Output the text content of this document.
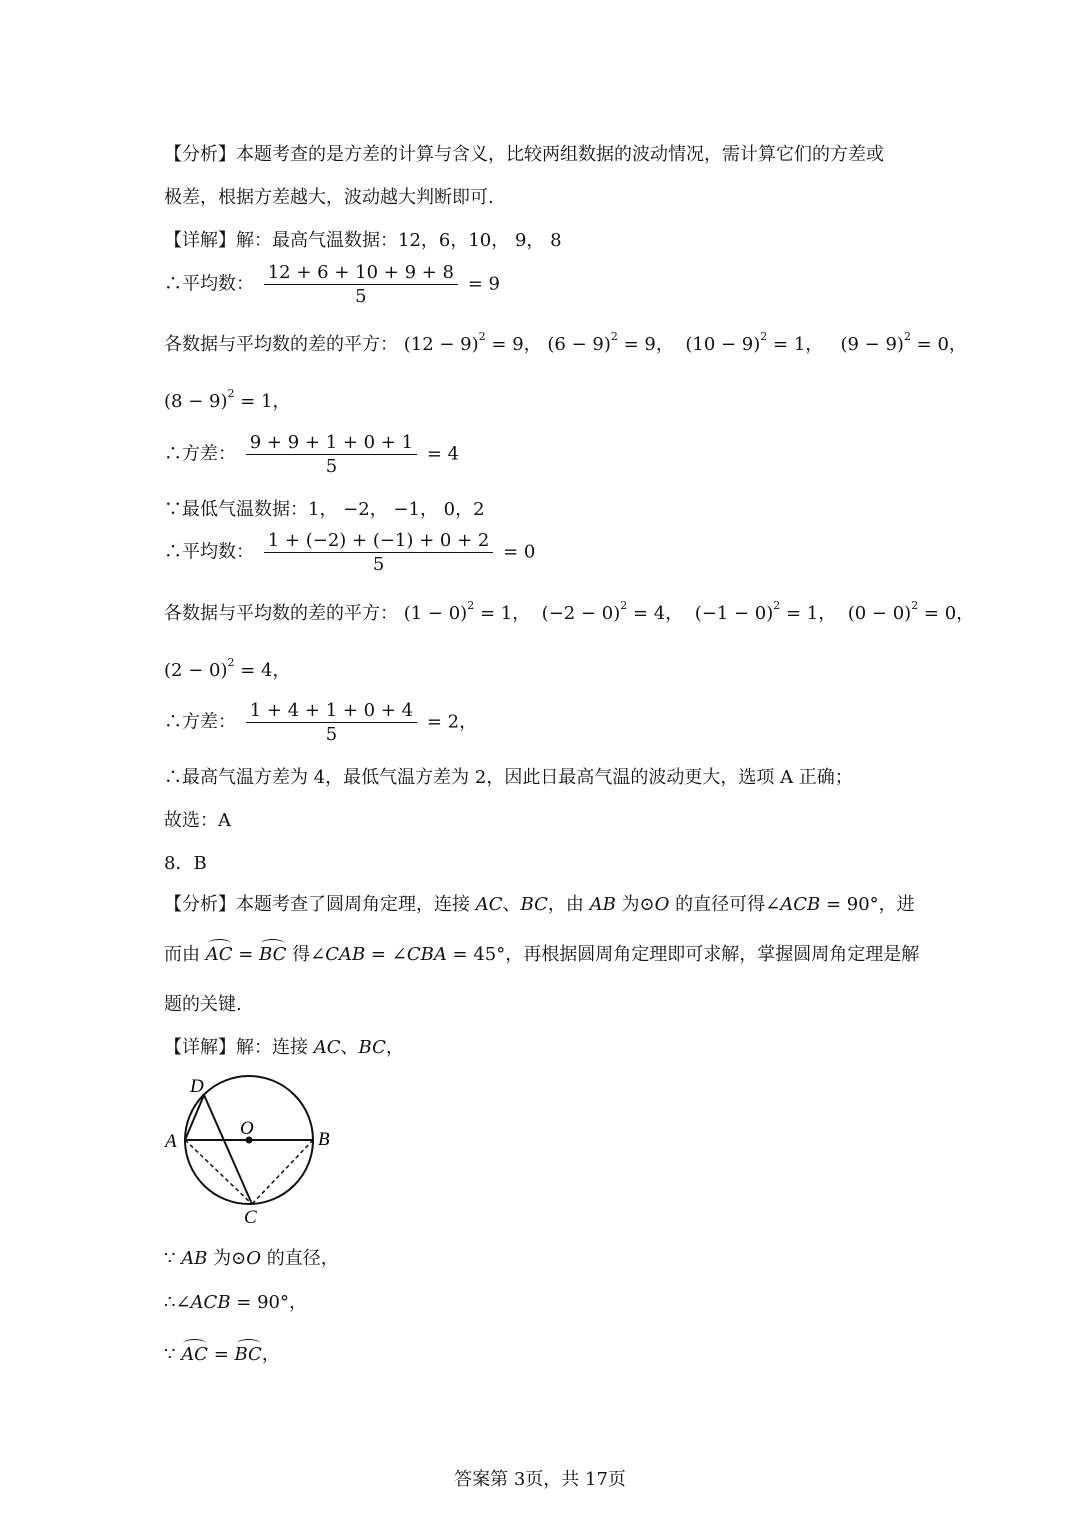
【分析】本题考查的是方差的计算与含义，比较两组数据的波动情况，需计算它们的方差或
极差，根据方差越大，波动越大判断即可.
【详解】解：最高气温数据：12，6，10， 9， 8
∴平均数： $\frac{12 + 6 + 10 + 9 + 8}{5} = 9$
各数据与平均数的差的平方： $(12 - 9)^2 = 9$， $(6 - 9)^2 = 9$， $(10 - 9)^2 = 1$， $(9 - 9)^2 = 0$，
$(8 - 9)^2 = 1$，
∴方差： $\frac{9 + 9 + 1 + 0 + 1}{5} = 4$
∵最低气温数据：1， −2， −1， 0，2
∴平均数： $\frac{1 + (-2) + (-1) + 0 + 2}{5} = 0$
各数据与平均数的差的平方： $(1 - 0)^2 = 1$， $(-2 - 0)^2 = 4$， $(-1 - 0)^2 = 1$， $(0 - 0)^2 = 0$，
$(2 - 0)^2 = 4$，
∴方差： $\frac{1 + 4 + 1 + 0 + 4}{5} = 2$，
∴最高气温方差为 4，最低气温方差为 2，因此日最高气温的波动更大，选项 A 正确；
故选：A
8．B
【分析】本题考查了圆周角定理，连接 AC、BC，由 AB 为⊙O 的直径可得∠ACB = 90°，进
而由 AC = BC 得∠CAB = ∠CBA = 45°，再根据圆周角定理即可求解，掌握圆周角定理是解
题的关键.
【详解】解：连接 AC、BC，
D
O
A	B
C
∵ AB 为⊙O 的直径，
∴∠ACB = 90°，
∵ AC = BC，
答案第 3页，共 17页
